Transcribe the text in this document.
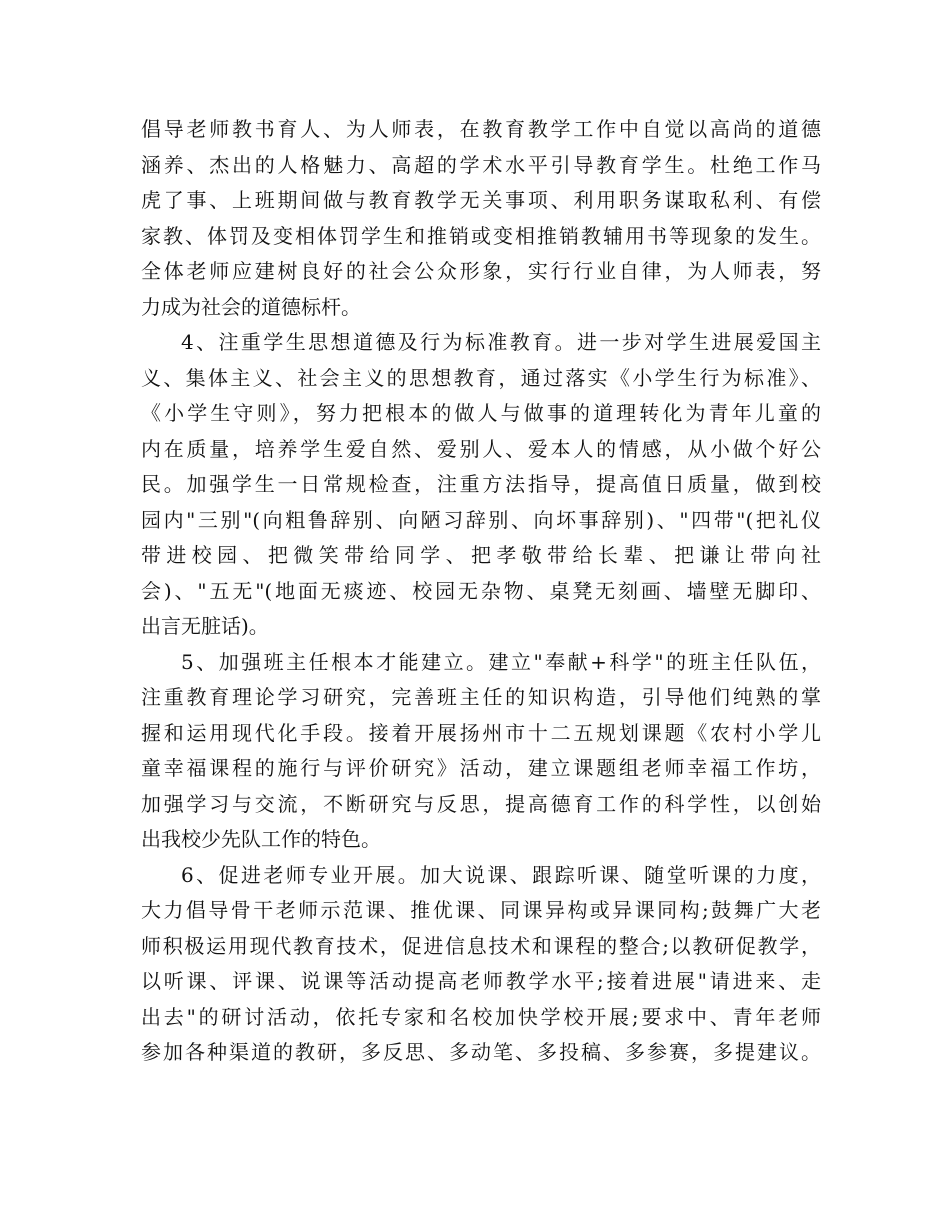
倡导老师教书育人、为人师表，在教育教学工作中自觉以高尚的道德
涵养、杰出的人格魅力、高超的学术水平引导教育学生。杜绝工作马
虎了事、上班期间做与教育教学无关事项、利用职务谋取私利、有偿
家教、体罚及变相体罚学生和推销或变相推销教辅用书等现象的发生。
全体老师应建树良好的社会公众形象，实行行业自律，为人师表，努
力成为社会的道德标杆。
4、注重学生思想道德及行为标准教育。进一步对学生进展爱国主
义、集体主义、社会主义的思想教育，通过落实《小学生行为标准》、
《小学生守则》，努力把根本的做人与做事的道理转化为青年儿童的
内在质量，培养学生爱自然、爱别人、爱本人的情感，从小做个好公
民。加强学生一日常规检查，注重方法指导，提高值日质量，做到校
园内"三别"(向粗鲁辞别、向陋习辞别、向坏事辞别)、"四带"(把礼仪
带进校园、把微笑带给同学、把孝敬带给长辈、把谦让带向社
会)、"五无"(地面无痰迹、校园无杂物、桌凳无刻画、墙壁无脚印、
出言无脏话)。
5、加强班主任根本才能建立。建立"奉献+科学"的班主任队伍，
注重教育理论学习研究，完善班主任的知识构造，引导他们纯熟的掌
握和运用现代化手段。接着开展扬州市十二五规划课题《农村小学儿
童幸福课程的施行与评价研究》活动，建立课题组老师幸福工作坊，
加强学习与交流，不断研究与反思，提高德育工作的科学性，以创始
出我校少先队工作的特色。
6、促进老师专业开展。加大说课、跟踪听课、随堂听课的力度，
大力倡导骨干老师示范课、推优课、同课异构或异课同构;鼓舞广大老
师积极运用现代教育技术，促进信息技术和课程的整合;以教研促教学，
以听课、评课、说课等活动提高老师教学水平;接着进展"请进来、走
出去"的研讨活动，依托专家和名校加快学校开展;要求中、青年老师
参加各种渠道的教研，多反思、多动笔、多投稿、多参赛，多提建议。
